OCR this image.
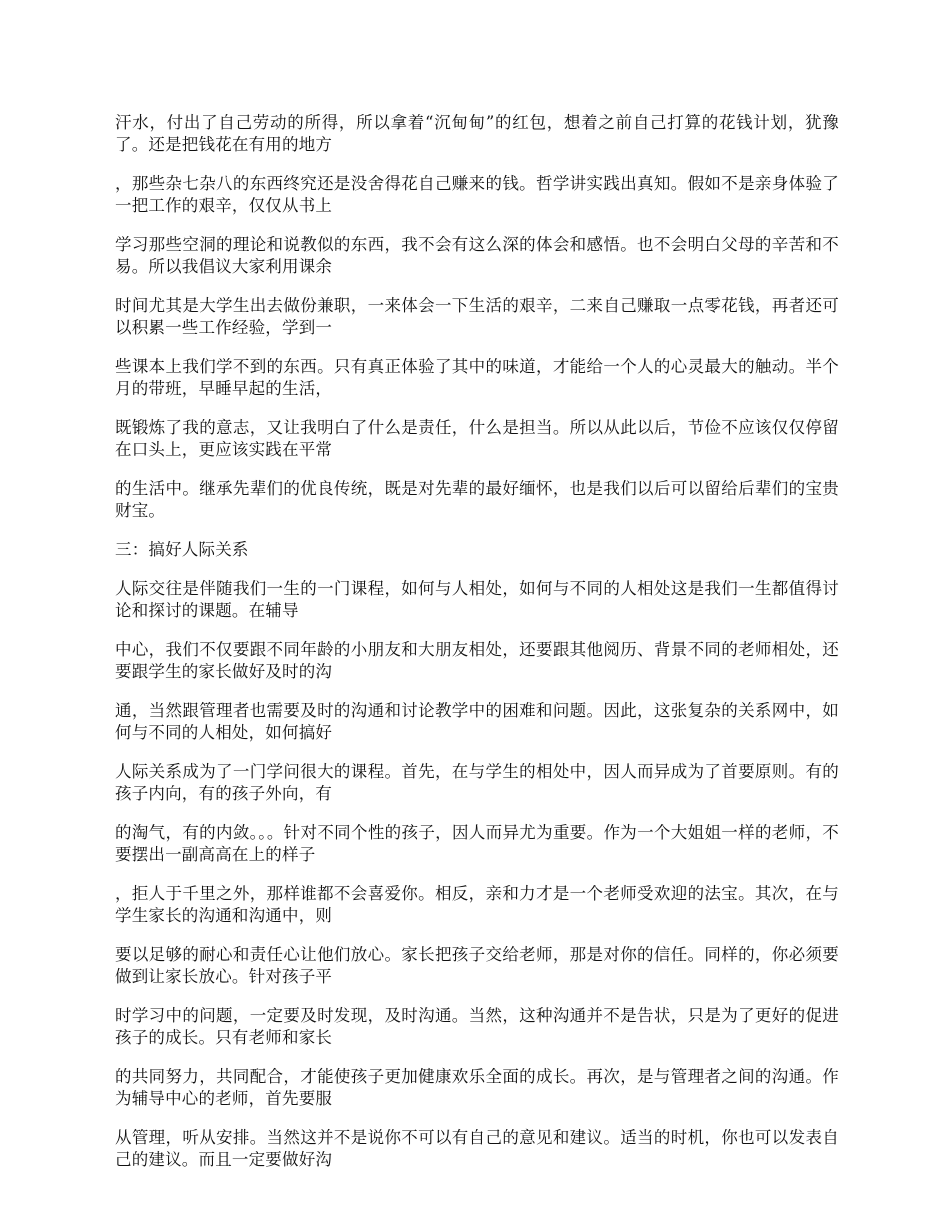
汗水，付出了自己劳动的所得，所以拿着“沉甸甸”的红包，想着之前自己打算的花钱计划，犹豫了。还是把钱花在有用的地方

，那些杂七杂八的东西终究还是没舍得花自己赚来的钱。哲学讲实践出真知。假如不是亲身体验了一把工作的艰辛，仅仅从书上

学习那些空洞的理论和说教似的东西，我不会有这么深的体会和感悟。也不会明白父母的辛苦和不易。所以我倡议大家利用课余

时间尤其是大学生出去做份兼职，一来体会一下生活的艰辛，二来自己赚取一点零花钱，再者还可以积累一些工作经验，学到一

些课本上我们学不到的东西。只有真正体验了其中的味道，才能给一个人的心灵最大的触动。半个月的带班，早睡早起的生活，

既锻炼了我的意志，又让我明白了什么是责任，什么是担当。所以从此以后，节俭不应该仅仅停留在口头上，更应该实践在平常

的生活中。继承先辈们的优良传统，既是对先辈的最好缅怀，也是我们以后可以留给后辈们的宝贵财宝。

三：搞好人际关系

人际交往是伴随我们一生的一门课程，如何与人相处，如何与不同的人相处这是我们一生都值得讨论和探讨的课题。在辅导

中心，我们不仅要跟不同年龄的小朋友和大朋友相处，还要跟其他阅历、背景不同的老师相处，还要跟学生的家长做好及时的沟

通，当然跟管理者也需要及时的沟通和讨论教学中的困难和问题。因此，这张复杂的关系网中，如何与不同的人相处，如何搞好

人际关系成为了一门学问很大的课程。首先，在与学生的相处中，因人而异成为了首要原则。有的孩子内向，有的孩子外向，有

的淘气，有的内敛。。。针对不同个性的孩子，因人而异尤为重要。作为一个大姐姐一样的老师，不要摆出一副高高在上的样子

，拒人于千里之外，那样谁都不会喜爱你。相反，亲和力才是一个老师受欢迎的法宝。其次，在与学生家长的沟通和沟通中，则

要以足够的耐心和责任心让他们放心。家长把孩子交给老师，那是对你的信任。同样的，你必须要做到让家长放心。针对孩子平

时学习中的问题，一定要及时发现，及时沟通。当然，这种沟通并不是告状，只是为了更好的促进孩子的成长。只有老师和家长

的共同努力，共同配合，才能使孩子更加健康欢乐全面的成长。再次，是与管理者之间的沟通。作为辅导中心的老师，首先要服

从管理，听从安排。当然这并不是说你不可以有自己的意见和建议。适当的时机，你也可以发表自己的建议。而且一定要做好沟
